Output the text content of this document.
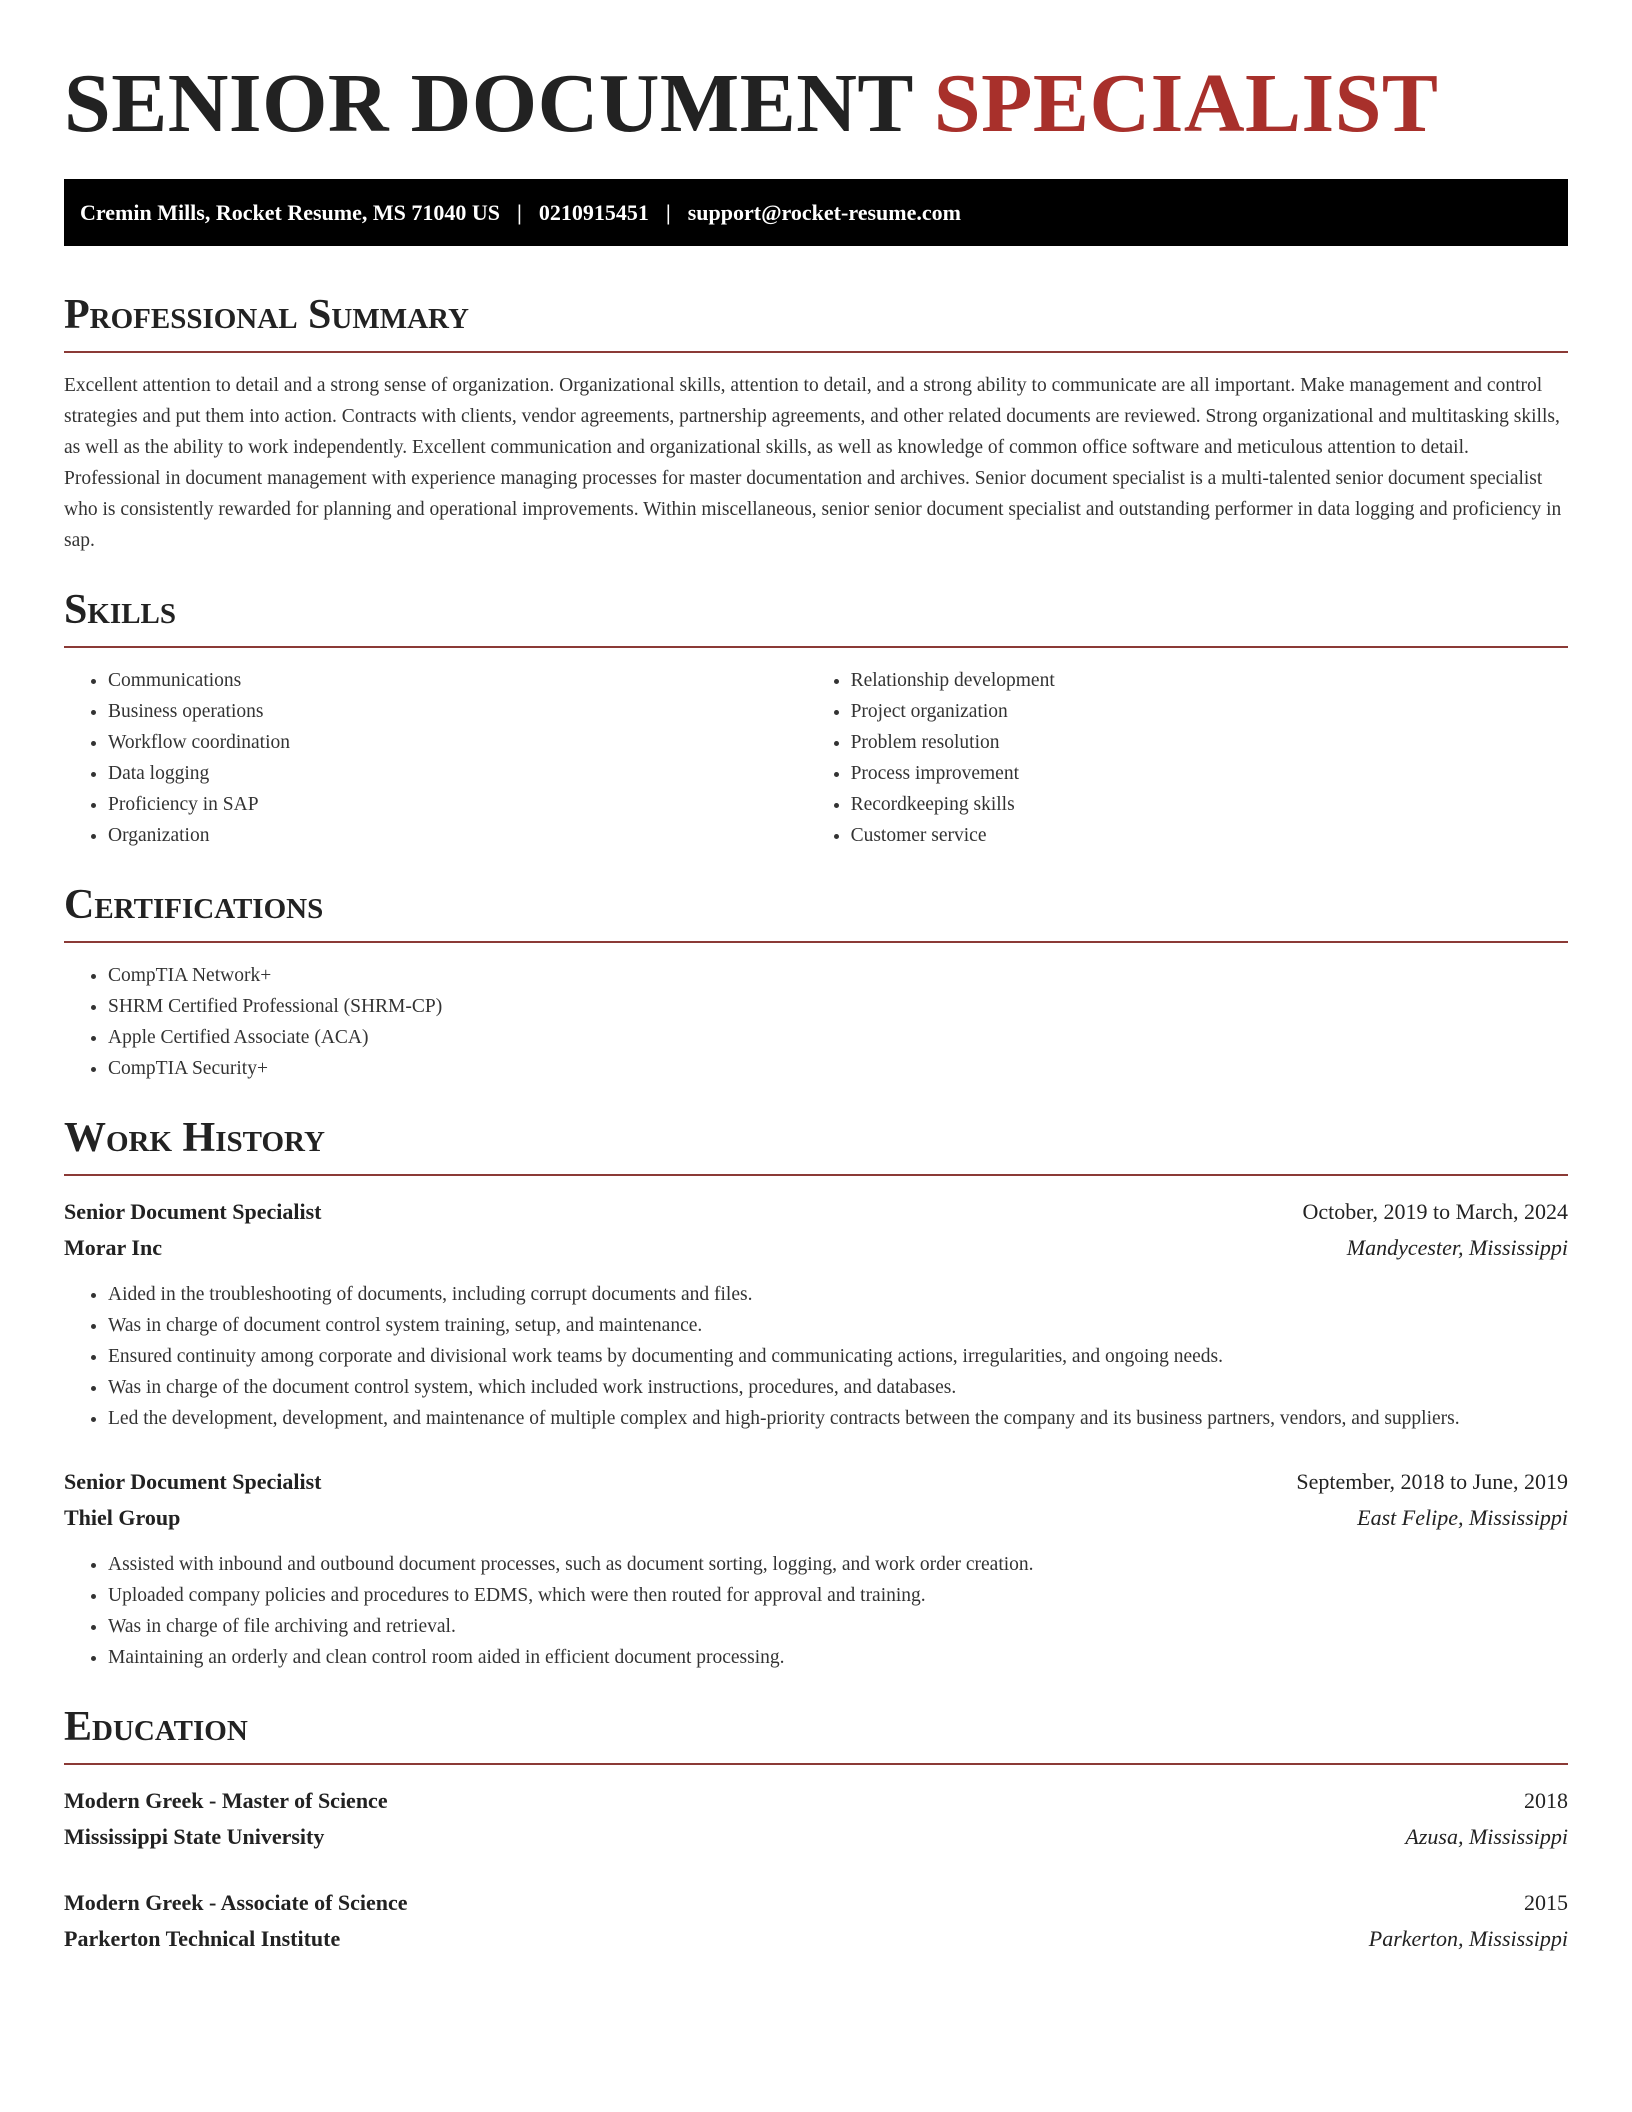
SENIOR DOCUMENT SPECIALIST
Cremin Mills, Rocket Resume, MS 71040 US | 0210915451 | support@rocket-resume.com
Professional Summary

Excellent attention to detail and a strong sense of organization. Organizational skills, attention to detail, and a strong ability to communicate are all important. Make management and control strategies and put them into action. Contracts with clients, vendor agreements, partnership agreements, and other related documents are reviewed. Strong organizational and multitasking skills, as well as the ability to work independently. Excellent communication and organizational skills, as well as knowledge of common office software and meticulous attention to detail. Professional in document management with experience managing processes for master documentation and archives. Senior document specialist is a multi-talented senior document specialist who is consistently rewarded for planning and operational improvements. Within miscellaneous, senior senior document specialist and outstanding performer in data logging and proficiency in sap.

Skills
• Communications
• Business operations
• Workflow coordination
• Data logging
• Proficiency in SAP
• Organization
• Relationship development
• Project organization
• Problem resolution
• Process improvement
• Recordkeeping skills
• Customer service
Certifications
• CompTIA Network+
• SHRM Certified Professional (SHRM-CP)
• Apple Certified Associate (ACA)
• CompTIA Security+
Work History
Senior Document Specialist	October, 2019 to March, 2024
Morar Inc	Mandycester, Mississippi
• Aided in the troubleshooting of documents, including corrupt documents and files.
• Was in charge of document control system training, setup, and maintenance.
• Ensured continuity among corporate and divisional work teams by documenting and communicating actions, irregularities, and ongoing needs.
• Was in charge of the document control system, which included work instructions, procedures, and databases.
• Led the development, development, and maintenance of multiple complex and high-priority contracts between the company and its business partners, vendors, and suppliers.
Senior Document Specialist	September, 2018 to June, 2019
Thiel Group	East Felipe, Mississippi
• Assisted with inbound and outbound document processes, such as document sorting, logging, and work order creation.
• Uploaded company policies and procedures to EDMS, which were then routed for approval and training.
• Was in charge of file archiving and retrieval.
• Maintaining an orderly and clean control room aided in efficient document processing.
Education
Modern Greek - Master of Science	2018
Mississippi State University	Azusa, Mississippi
Modern Greek - Associate of Science	2015
Parkerton Technical Institute	Parkerton, Mississippi
